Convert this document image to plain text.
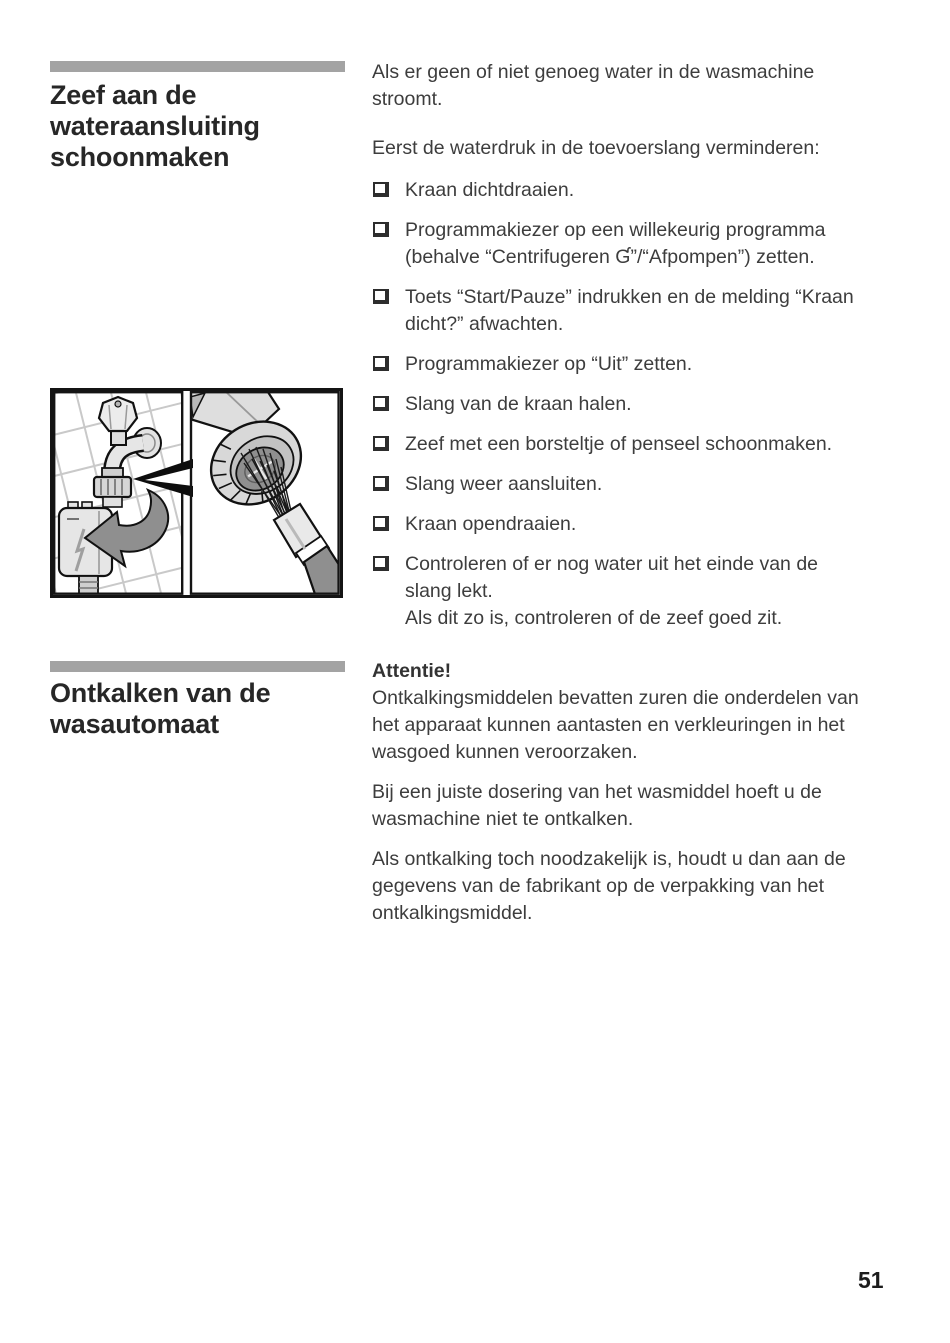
Zeef aan de wateraansluiting schoonmaken

Als er geen of niet genoeg water in de wasmachine stroomt.

Eerst de waterdruk in de toevoerslang verminderen:

Kraan dichtdraaien.
Programmakiezer op een willekeurig programma (behalve “Centrifugeren Ɠ”/“Afpompen”) zetten.
Toets “Start/Pauze” indrukken en de melding “Kraan dicht?” afwachten.
Programmakiezer op “Uit” zetten.
Slang van de kraan halen.
Zeef met een borsteltje of penseel schoonmaken.
Slang weer aansluiten.
Kraan opendraaien.
Controleren of er nog water uit het einde van de slang lekt.
Als dit zo is, controleren of de zeef goed zit.
Ontkalken van de wasautomaat
Attentie!
Ontkalkingsmiddelen bevatten zuren die onderdelen van het apparaat kunnen aantasten en verkleuringen in het wasgoed kunnen veroorzaken.

Bij een juiste dosering van het wasmiddel hoeft u de wasmachine niet te ontkalken.

Als ontkalking toch noodzakelijk is, houdt u dan aan de gegevens van de fabrikant op de verpakking van het ontkalkingsmiddel.

51
